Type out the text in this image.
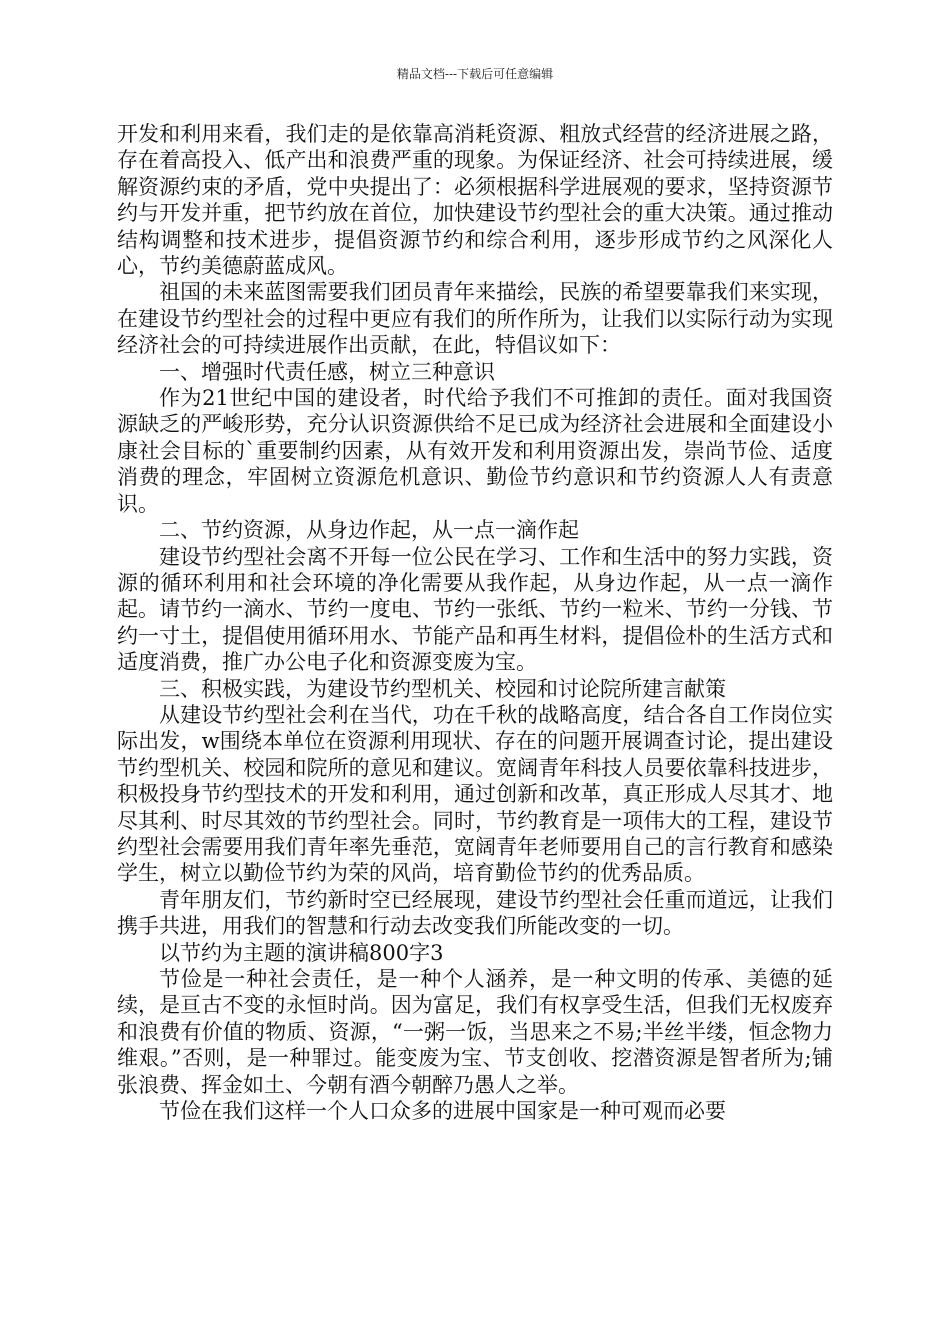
精品文档---下载后可任意编辑

开发和利用来看，我们走的是依靠高消耗资源、粗放式经营的经济进展之路，存在着高投入、低产出和浪费严重的现象。为保证经济、社会可持续进展，缓解资源约束的矛盾，党中央提出了：必须根据科学进展观的要求，坚持资源节约与开发并重，把节约放在首位，加快建设节约型社会的重大决策。通过推动结构调整和技术进步，提倡资源节约和综合利用，逐步形成节约之风深化人心，节约美德蔚蓝成风。

祖国的未来蓝图需要我们团员青年来描绘，民族的希望要靠我们来实现，在建设节约型社会的过程中更应有我们的所作所为，让我们以实际行动为实现经济社会的可持续进展作出贡献，在此，特倡议如下：

一、增强时代责任感，树立三种意识

作为21世纪中国的建设者，时代给予我们不可推卸的责任。面对我国资源缺乏的严峻形势，充分认识资源供给不足已成为经济社会进展和全面建设小康社会目标的`重要制约因素，从有效开发和利用资源出发，崇尚节俭、适度消费的理念，牢固树立资源危机意识、勤俭节约意识和节约资源人人有责意识。

二、节约资源，从身边作起，从一点一滴作起

建设节约型社会离不开每一位公民在学习、工作和生活中的努力实践，资源的循环利用和社会环境的净化需要从我作起，从身边作起，从一点一滴作起。请节约一滴水、节约一度电、节约一张纸、节约一粒米、节约一分钱、节约一寸土，提倡使用循环用水、节能产品和再生材料，提倡俭朴的生活方式和适度消费，推广办公电子化和资源变废为宝。

三、积极实践，为建设节约型机关、校园和讨论院所建言献策

从建设节约型社会利在当代，功在千秋的战略高度，结合各自工作岗位实际出发，w围绕本单位在资源利用现状、存在的问题开展调查讨论，提出建设节约型机关、校园和院所的意见和建议。宽阔青年科技人员要依靠科技进步，积极投身节约型技术的开发和利用，通过创新和改革，真正形成人尽其才、地尽其利、时尽其效的节约型社会。同时，节约教育是一项伟大的工程，建设节约型社会需要用我们青年率先垂范，宽阔青年老师要用自己的言行教育和感染学生，树立以勤俭节约为荣的风尚，培育勤俭节约的优秀品质。

青年朋友们，节约新时空已经展现，建设节约型社会任重而道远，让我们携手共进，用我们的智慧和行动去改变我们所能改变的一切。

以节约为主题的演讲稿800字3

节俭是一种社会责任，是一种个人涵养，是一种文明的传承、美德的延续，是亘古不变的永恒时尚。因为富足，我们有权享受生活，但我们无权废弃和浪费有价值的物质、资源，“一粥一饭，当思来之不易;半丝半缕，恒念物力维艰。”否则，是一种罪过。能变废为宝、节支创收、挖潜资源是智者所为;铺张浪费、挥金如土、今朝有酒今朝醉乃愚人之举。

节俭在我们这样一个人口众多的进展中国家是一种可观而必要
